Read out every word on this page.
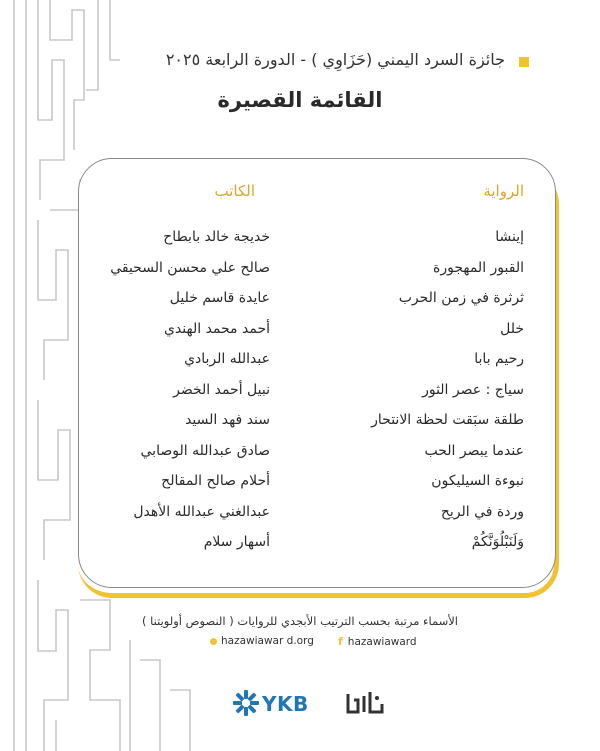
جائزة السرد اليمني (حَزَاوِي ) - الدورة الرابعة ٢٠٢٥
القائمة القصيرة
الرواية
الكاتب
إينشا
القبور المهجورة
ثرثرة في زمن الحرب
خلل
رحيم بابا
سياج : عصر الثور
طلقة سبَقت لحظة الانتحار
عندما يبصر الحب
نبوءة السيليكون
وردة في الريح
وَلَنَبْلُوَنَّكُمْ
خديجة خالد بابطاح
صالح علي محسن السحيقي
عايدة قاسم خليل
أحمد محمد الهندي
عبدالله الربادي
نبيل أحمد الخضر
سند فهد السيد
صادق عبدالله الوصابي
أحلام صالح المقالح
عبدالغني عبدالله الأهدل
أسهار سلام
الأسماء مرتبة بحسب الترتيب الأبجدي للروايات ( النصوص أولويتنا )
hazawiawar d.org f hazawiaward
YKB
